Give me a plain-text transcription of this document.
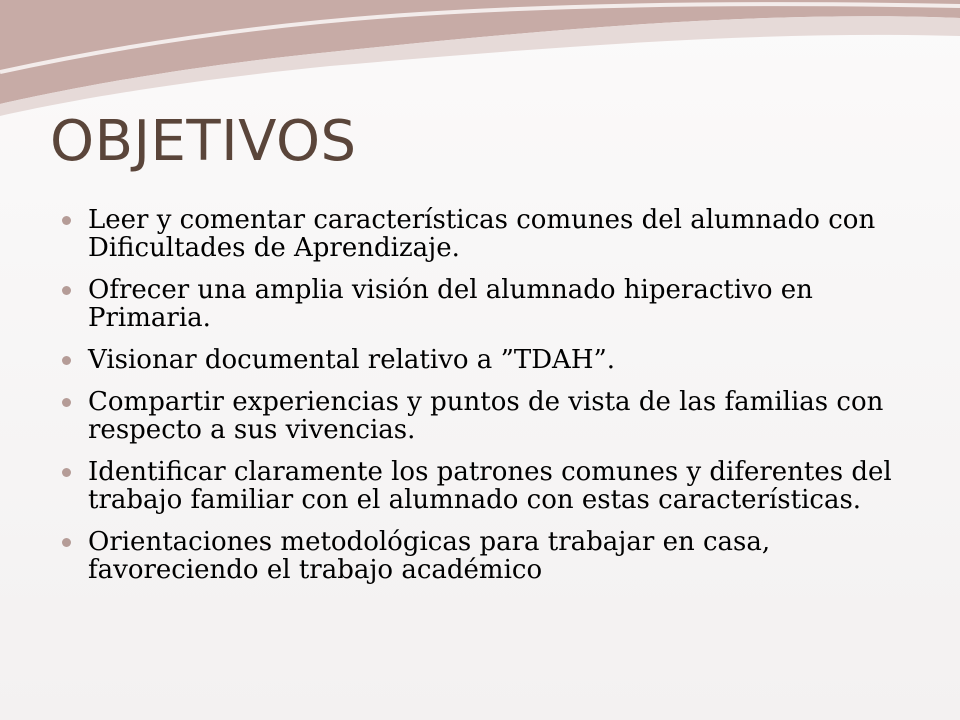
OBJETIVOS
Leer y comentar características comunes del alumnado con Dificultades de Aprendizaje.
Ofrecer una amplia visión del alumnado hiperactivo en Primaria.
Visionar documental relativo a ”TDAH”.
Compartir experiencias y puntos de vista de las familias con respecto a sus vivencias.
Identificar claramente los patrones comunes y diferentes del trabajo familiar con el alumnado con estas características.
Orientaciones metodológicas para trabajar en casa, favoreciendo el trabajo académico
